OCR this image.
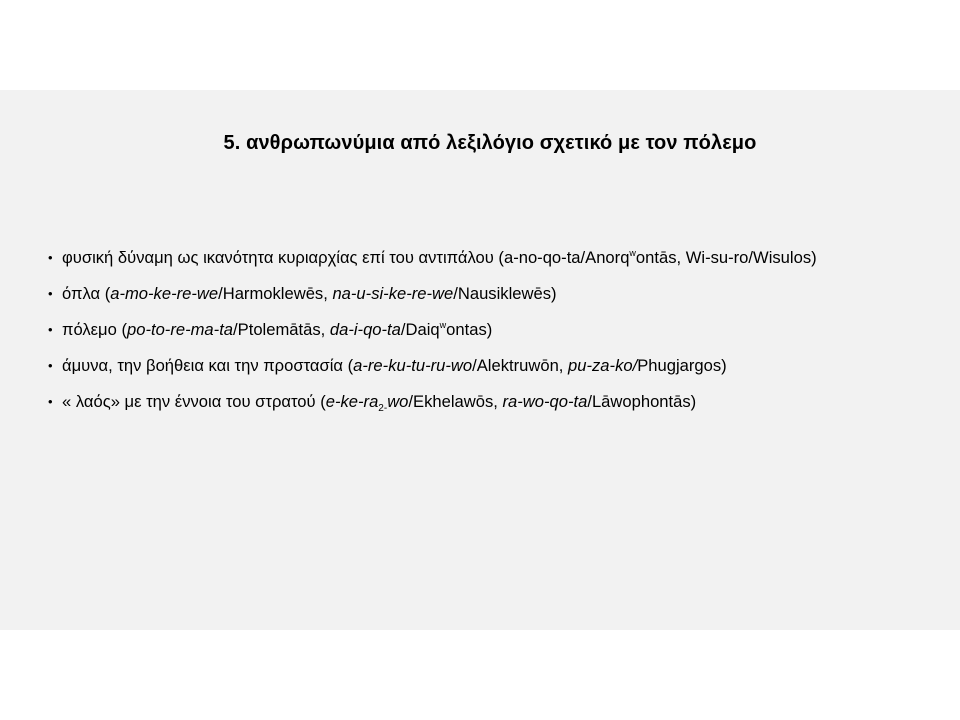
5. ανθρωπωνύμια από λεξιλόγιο σχετικό με τον πόλεμο
• φυσική δύναμη ως ικανότητα κυριαρχίας επί του αντιπάλου (a-no-qo-ta/Anorq$^w$ontās, Wi-su-ro/Wisulos)
• όπλα (a-mo-ke-re-we/Harmoklewēs, na-u-si-ke-re-we/Nausiklewēs)
• πόλεμο (po-to-re-ma-ta/Ptolemātās, da-i-qo-ta/Daiq$^w$ontas)
• άμυνα, την βοήθεια και την προστασία (a-re-ku-tu-ru-wo/Alektruwōn, pu-za-ko/Phugjargos)
• « λαός» με την έννοια του στρατού ($e-ke-ra_{2-}wo$/Ekhelawōs, ra-wo-qo-ta/Lāwophontās)
